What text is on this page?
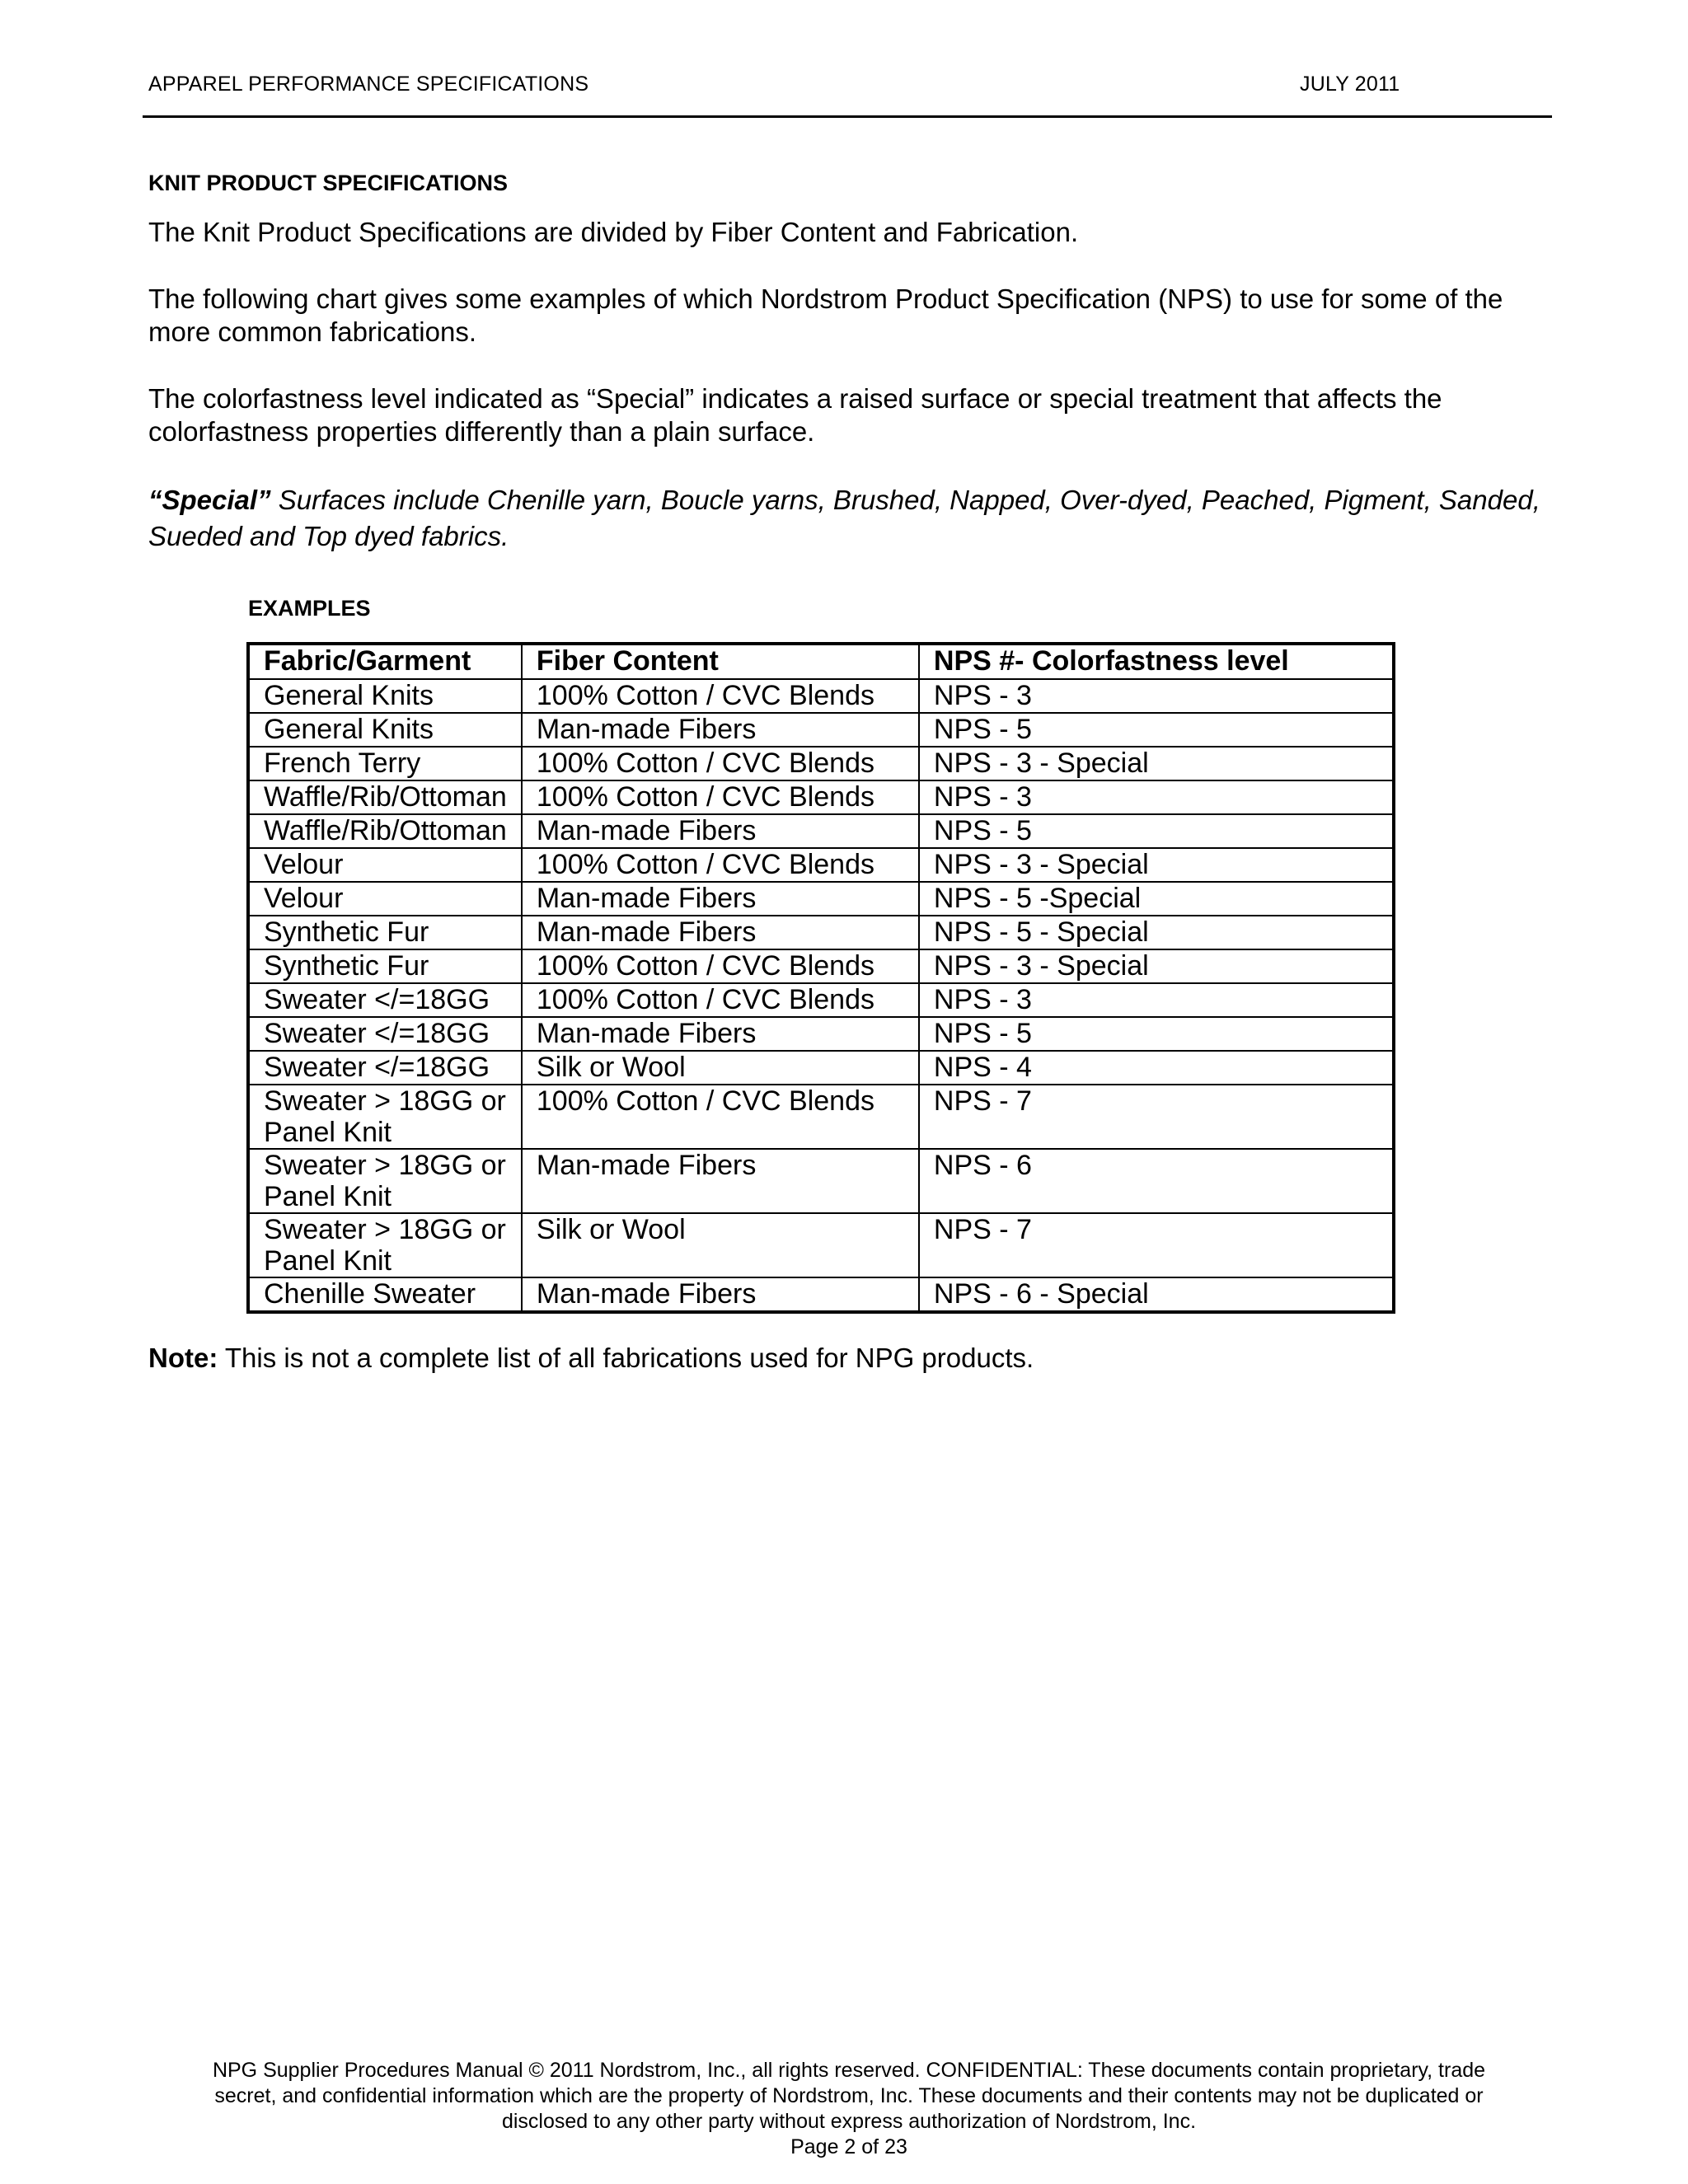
APPAREL PERFORMANCE SPECIFICATIONS	JULY 2011
KNIT PRODUCT SPECIFICATIONS
The Knit Product Specifications are divided by Fiber Content and Fabrication.
The following chart gives some examples of which Nordstrom Product Specification (NPS) to use for some of the more common fabrications.
The colorfastness level indicated as “Special” indicates a raised surface or special treatment that affects the colorfastness properties differently than a plain surface.
“Special” Surfaces include Chenille yarn, Boucle yarns, Brushed, Napped, Over-dyed, Peached, Pigment, Sanded, Sueded and Top dyed fabrics.
EXAMPLES
Fabric/Garment	Fiber Content	NPS #- Colorfastness level
General Knits	100% Cotton / CVC Blends	NPS - 3
General Knits	Man-made Fibers	NPS - 5
French Terry	100% Cotton / CVC Blends	NPS - 3 - Special
Waffle/Rib/Ottoman	100% Cotton / CVC Blends	NPS - 3
Waffle/Rib/Ottoman	Man-made Fibers	NPS - 5
Velour	100% Cotton / CVC Blends	NPS - 3 - Special
Velour	Man-made Fibers	NPS - 5 -Special
Synthetic Fur	Man-made Fibers	NPS - 5 - Special
Synthetic Fur	100% Cotton / CVC Blends	NPS - 3 - Special
Sweater </=18GG	100% Cotton / CVC Blends	NPS - 3
Sweater </=18GG	Man-made Fibers	NPS - 5
Sweater </=18GG	Silk or Wool	NPS - 4
Sweater > 18GG or Panel Knit	100% Cotton / CVC Blends	NPS - 7
Sweater > 18GG or Panel Knit	Man-made Fibers	NPS - 6
Sweater > 18GG or Panel Knit	Silk or Wool	NPS - 7
Chenille Sweater	Man-made Fibers	NPS - 6 - Special
Note: This is not a complete list of all fabrications used for NPG products.
NPG Supplier Procedures Manual © 2011 Nordstrom, Inc., all rights reserved. CONFIDENTIAL: These documents contain proprietary, trade
secret, and confidential information which are the property of Nordstrom, Inc. These documents and their contents may not be duplicated or
disclosed to any other party without express authorization of Nordstrom, Inc.
Page 2 of 23
